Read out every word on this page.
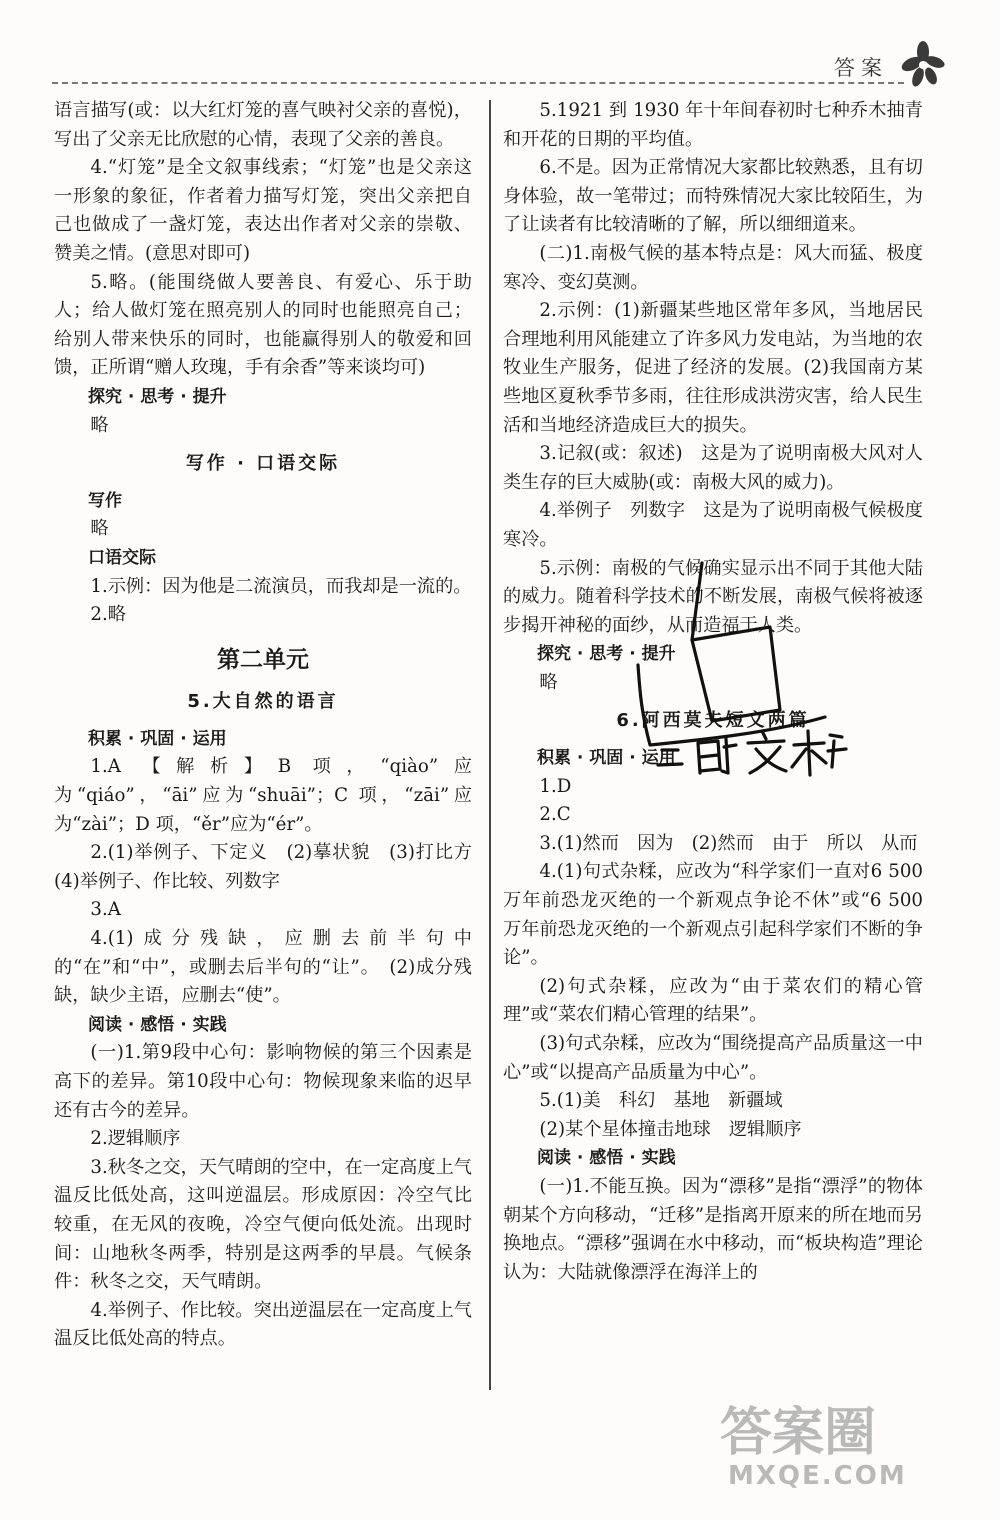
答案
语言描写(或：以大红灯笼的喜气映衬父亲的喜悦)，写出了父亲无比欣慰的心情，表现了父亲的善良。
4.“灯笼”是全文叙事线索；“灯笼”也是父亲这一形象的象征，作者着力描写灯笼，突出父亲把自己也做成了一盏灯笼，表达出作者对父亲的崇敬、赞美之情。(意思对即可)
5.略。(能围绕做人要善良、有爱心、乐于助人；给人做灯笼在照亮别人的同时也能照亮自己；给别人带来快乐的同时，也能赢得别人的敬爱和回馈，正所谓“赠人玫瑰，手有余香”等来谈均可)
探究 · 思考 · 提升
略
写作 · 口语交际
写作
略
口语交际
1.示例：因为他是二流演员，而我却是一流的。
2.略
第二单元
5.大自然的语言
积累 · 巩固 · 运用
1.A 【解析】B 项，“qiào”应为“qiáo”，“āi”应为“shuāi”；C 项，“zāi”应为“zài”；D 项，“ěr”应为“ér”。
2.(1)举例子、下定义　(2)摹状貌　(3)打比方　(4)举例子、作比较、列数字
3.A
4.(1)成分残缺，应删去前半句中的“在”和“中”，或删去后半句的“让”。　(2)成分残缺，缺少主语，应删去“使”。
阅读 · 感悟 · 实践
(一)1.第9段中心句：影响物候的第三个因素是高下的差异。第10段中心句：物候现象来临的迟早还有古今的差异。
2.逻辑顺序
3.秋冬之交，天气晴朗的空中，在一定高度上气温反比低处高，这叫逆温层。形成原因：冷空气比较重，在无风的夜晚，冷空气便向低处流。出现时间：山地秋冬两季，特别是这两季的早晨。气候条件：秋冬之交，天气晴朗。
4.举例子、作比较。突出逆温层在一定高度上气温反比低处高的特点。
5.1921 到 1930 年十年间春初时七种乔木抽青和开花的日期的平均值。
6.不是。因为正常情况大家都比较熟悉，且有切身体验，故一笔带过；而特殊情况大家比较陌生，为了让读者有比较清晰的了解，所以细细道来。
(二)1.南极气候的基本特点是：风大而猛、极度寒冷、变幻莫测。
2.示例：(1)新疆某些地区常年多风，当地居民合理地利用风能建立了许多风力发电站，为当地的农牧业生产服务，促进了经济的发展。(2)我国南方某些地区夏秋季节多雨，往往形成洪涝灾害，给人民生活和当地经济造成巨大的损失。
3.记叙(或：叙述)　这是为了说明南极大风对人类生存的巨大威胁(或：南极大风的威力)。
4.举例子　列数字　这是为了说明南极气候极度寒冷。
5.示例：南极的气候确实显示出不同于其他大陆的威力。随着科学技术的不断发展，南极气候将被逐步揭开神秘的面纱，从而造福于人类。
探究 · 思考 · 提升
略
6.阿西莫夫短文两篇
积累 · 巩固 · 运用
1.D
2.C
3.(1)然而　因为　(2)然而　由于　所以　从而
4.(1)句式杂糅，应改为“科学家们一直对6 500万年前恐龙灭绝的一个新观点争论不休”或“6 500 万年前恐龙灭绝的一个新观点引起科学家们不断的争论”。
(2)句式杂糅，应改为“由于菜农们的精心管理”或“菜农们精心管理的结果”。
(3)句式杂糅，应改为“围绕提高产品质量这一中心”或“以提高产品质量为中心”。
5.(1)美　科幻　基地　新疆域
(2)某个星体撞击地球　逻辑顺序
阅读 · 感悟 · 实践
(一)1.不能互换。因为“漂移”是指“漂浮”的物体朝某个方向移动，“迁移”是指离开原来的所在地而另换地点。“漂移”强调在水中移动，而“板块构造”理论认为：大陆就像漂浮在海洋上的
答案圈
MXQE.COM
